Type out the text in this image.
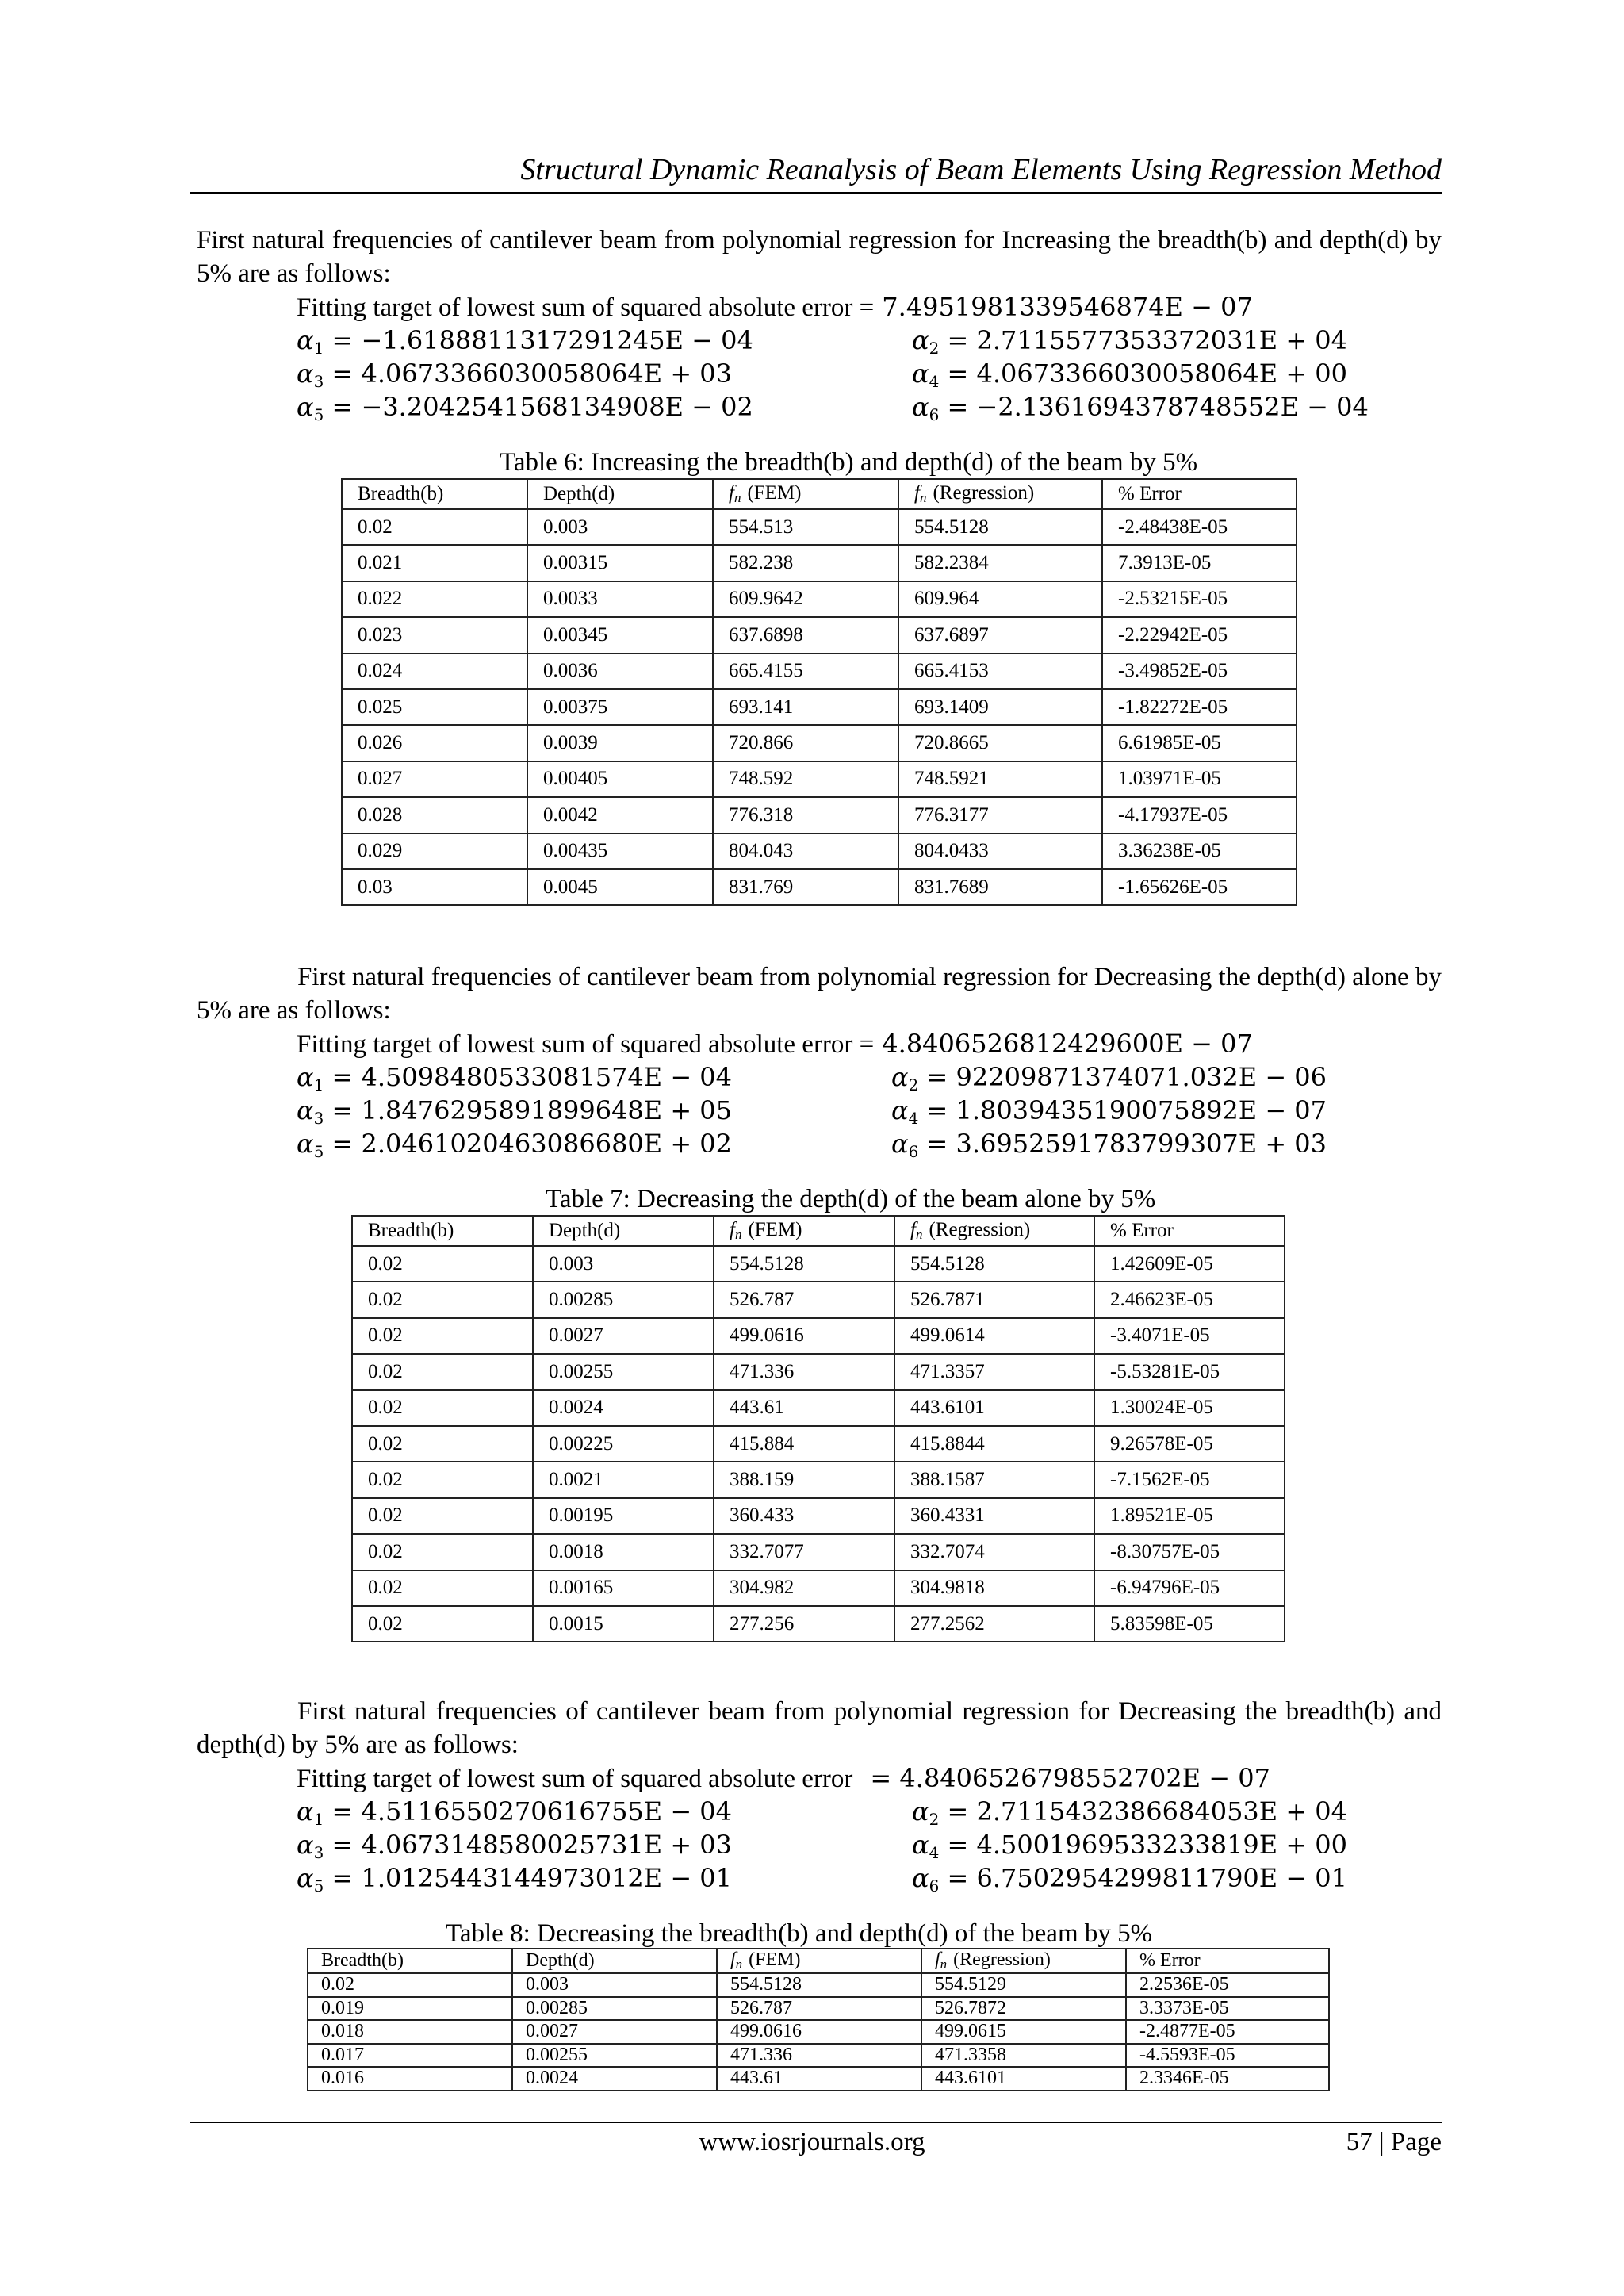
Structural Dynamic Reanalysis of Beam Elements Using Regression Method
First natural frequencies of cantilever beam from polynomial regression for Increasing the breadth(b) and depth(d) by 5% are as follows:
Fitting target of lowest sum of squared absolute error = 7.4951981339546874E − 07
$\alpha_1 = -1.6188811317291245E - 04$	$\alpha_2 = 2.7115577353372031E + 04$
$\alpha_3 = 4.0673366030058064E + 03$	$\alpha_4 = 4.0673366030058064E + 00$
$\alpha_5 = -3.2042541568134908E - 02$	$\alpha_6 = -2.1361694378748552E - 04$
Table 6: Increasing the breadth(b) and depth(d) of the beam by 5%
Breadth(b)	Depth(d)	$f_n$ (FEM)	$f_n$ (Regression)	% Error
0.02	0.003	554.513	554.5128	-2.48438E-05
0.021	0.00315	582.238	582.2384	7.3913E-05
0.022	0.0033	609.9642	609.964	-2.53215E-05
0.023	0.00345	637.6898	637.6897	-2.22942E-05
0.024	0.0036	665.4155	665.4153	-3.49852E-05
0.025	0.00375	693.141	693.1409	-1.82272E-05
0.026	0.0039	720.866	720.8665	6.61985E-05
0.027	0.00405	748.592	748.5921	1.03971E-05
0.028	0.0042	776.318	776.3177	-4.17937E-05
0.029	0.00435	804.043	804.0433	3.36238E-05
0.03	0.0045	831.769	831.7689	-1.65626E-05
First natural frequencies of cantilever beam from polynomial regression for Decreasing the depth(d) alone by 5% are as follows:
Fitting target of lowest sum of squared absolute error = 4.8406526812429600E − 07
$\alpha_1 = 4.5098480533081574E - 04$	$\alpha_2 = 92209871374071.032E - 06$
$\alpha_3 = 1.8476295891899648E + 05$	$\alpha_4 = 1.8039435190075892E - 07$
$\alpha_5 = 2.0461020463086680E + 02$	$\alpha_6 = 3.6952591783799307E + 03$
Table 7: Decreasing the depth(d) of the beam alone by 5%
Breadth(b)	Depth(d)	$f_n$ (FEM)	$f_n$ (Regression)	% Error
0.02	0.003	554.5128	554.5128	1.42609E-05
0.02	0.00285	526.787	526.7871	2.46623E-05
0.02	0.0027	499.0616	499.0614	-3.4071E-05
0.02	0.00255	471.336	471.3357	-5.53281E-05
0.02	0.0024	443.61	443.6101	1.30024E-05
0.02	0.00225	415.884	415.8844	9.26578E-05
0.02	0.0021	388.159	388.1587	-7.1562E-05
0.02	0.00195	360.433	360.4331	1.89521E-05
0.02	0.0018	332.7077	332.7074	-8.30757E-05
0.02	0.00165	304.982	304.9818	-6.94796E-05
0.02	0.0015	277.256	277.2562	5.83598E-05
First natural frequencies of cantilever beam from polynomial regression for Decreasing the breadth(b) and depth(d) by 5% are as follows:
Fitting target of lowest sum of squared absolute error = 4.8406526798552702E − 07
$\alpha_1 = 4.5116550270616755E - 04$	$\alpha_2 = 2.7115432386684053E + 04$
$\alpha_3 = 4.0673148580025731E + 03$	$\alpha_4 = 4.5001969533233819E + 00$
$\alpha_5 = 1.0125443144973012E - 01$	$\alpha_6 = 6.7502954299811790E - 01$
Table 8: Decreasing the breadth(b) and depth(d) of the beam by 5%
Breadth(b)	Depth(d)	$f_n$ (FEM)	$f_n$ (Regression)	% Error
0.02	0.003	554.5128	554.5129	2.2536E-05
0.019	0.00285	526.787	526.7872	3.3373E-05
0.018	0.0027	499.0616	499.0615	-2.4877E-05
0.017	0.00255	471.336	471.3358	-4.5593E-05
0.016	0.0024	443.61	443.6101	2.3346E-05
www.iosrjournals.org	57 | Page
